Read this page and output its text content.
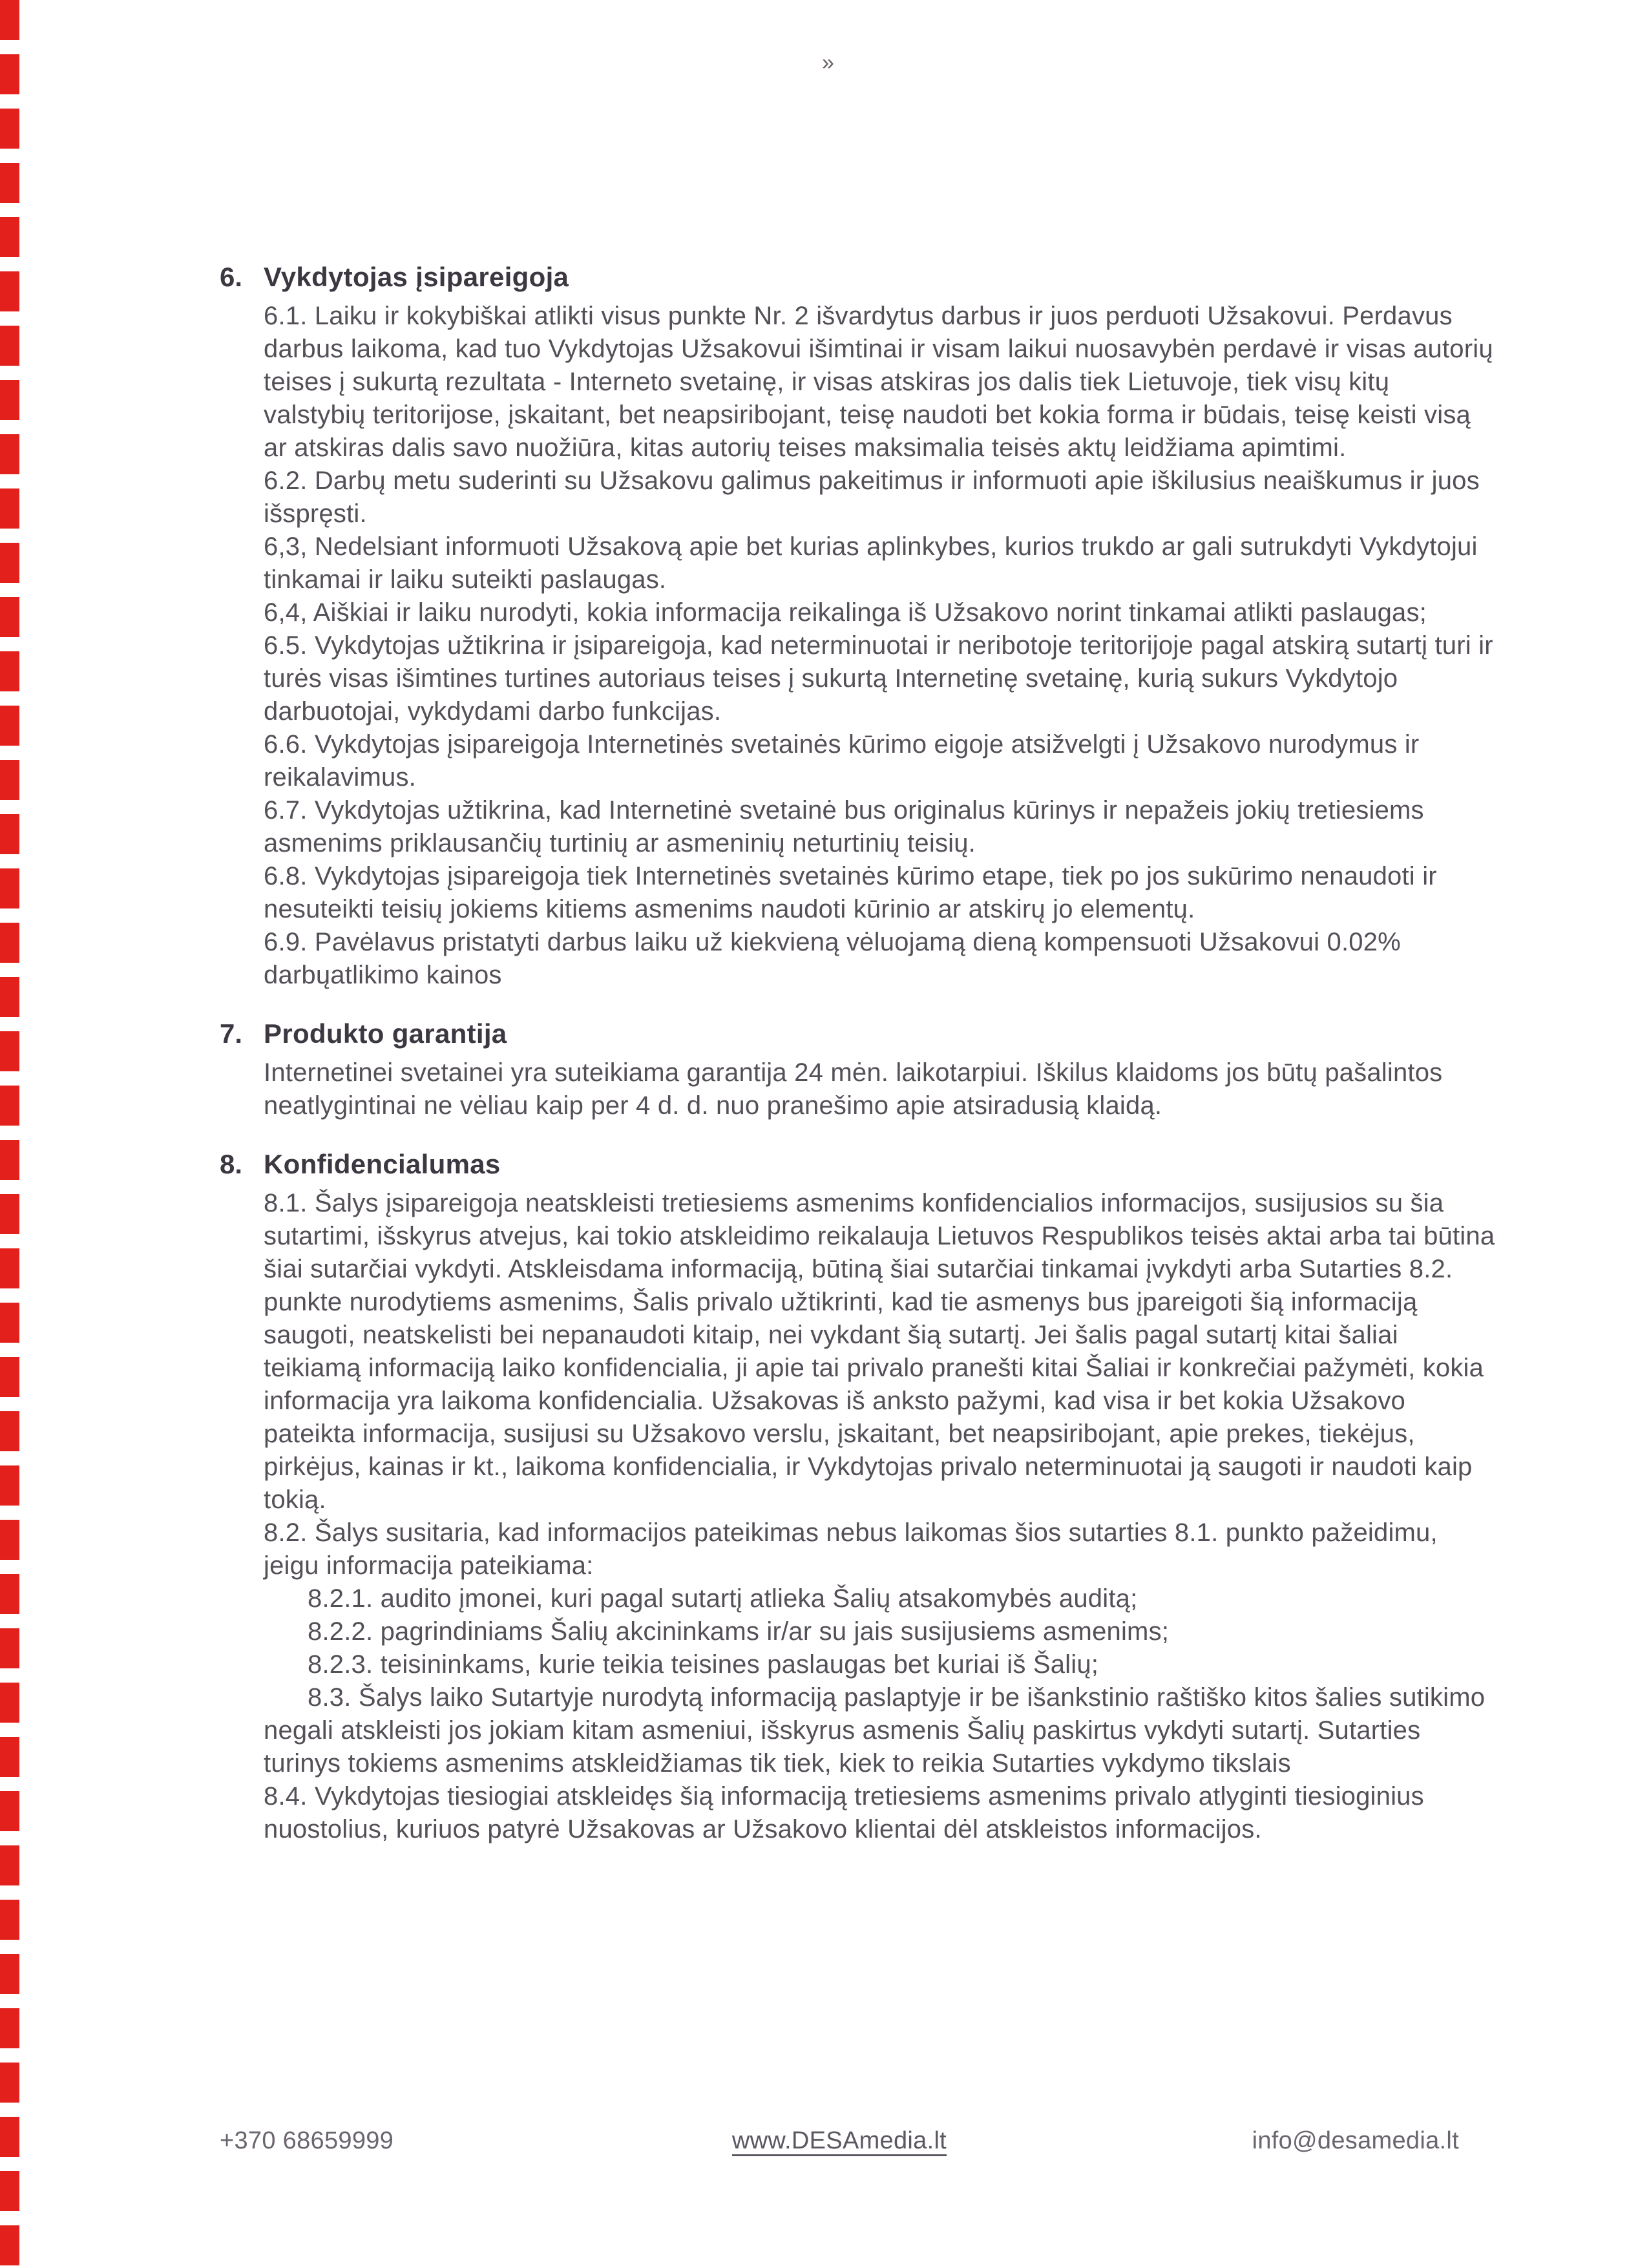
»
6. Vykdytojas įsipareigoja

6.1. Laiku ir kokybiškai atlikti visus punkte Nr. 2 išvardytus darbus ir juos perduoti Užsakovui. Perdavus darbus laikoma, kad tuo Vykdytojas Užsakovui išimtinai ir visam laikui nuosavybėn perdavė ir visas autorių teises į sukurtą rezultata - Interneto svetainę, ir visas atskiras jos dalis tiek Lietuvoje, tiek visų kitų valstybių teritorijose, įskaitant, bet neapsiribojant, teisę naudoti bet kokia forma ir būdais, teisę keisti visą ar atskiras dalis savo nuožiūra, kitas autorių teises maksimalia teisės aktų leidžiama apimtimi.

6.2. Darbų metu suderinti su Užsakovu galimus pakeitimus ir informuoti apie iškilusius neaiškumus ir juos išspręsti.

6,3, Nedelsiant informuoti Užsakovą apie bet kurias aplinkybes, kurios trukdo ar gali sutrukdyti Vykdytojui tinkamai ir laiku suteikti paslaugas.

6,4, Aiškiai ir laiku nurodyti, kokia informacija reikalinga iš Užsakovo norint tinkamai atlikti paslaugas;

6.5. Vykdytojas užtikrina ir įsipareigoja, kad neterminuotai ir neribotoje teritorijoje pagal atskirą sutartį turi ir turės visas išimtines turtines autoriaus teises į sukurtą Internetinę svetainę, kurią sukurs Vykdytojo darbuotojai, vykdydami darbo funkcijas.

6.6. Vykdytojas įsipareigoja Internetinės svetainės kūrimo eigoje atsižvelgti į Užsakovo nurodymus ir reikalavimus.

6.7. Vykdytojas užtikrina, kad Internetinė svetainė bus originalus kūrinys ir nepažeis jokių tretiesiems asmenims priklausančių turtinių ar asmeninių neturtinių teisių.

6.8. Vykdytojas įsipareigoja tiek Internetinės svetainės kūrimo etape, tiek po jos sukūrimo nenaudoti ir nesuteikti teisių jokiems kitiems asmenims naudoti kūrinio ar atskirų jo elementų.

6.9. Pavėlavus pristatyti darbus laiku už kiekvieną vėluojamą dieną kompensuoti Užsakovui 0.02% darbųatlikimo kainos

7. Produkto garantija

Internetinei svetainei yra suteikiama garantija 24 mėn. laikotarpiui. Iškilus klaidoms jos būtų pašalintos neatlygintinai ne vėliau kaip per 4 d. d. nuo pranešimo apie atsiradusią klaidą.

8. Konfidencialumas

8.1. Šalys įsipareigoja neatskleisti tretiesiems asmenims konfidencialios informacijos, susijusios su šia sutartimi, išskyrus atvejus, kai tokio atskleidimo reikalauja Lietuvos Respublikos teisės aktai arba tai būtina šiai sutarčiai vykdyti. Atskleisdama informaciją, būtiną šiai sutarčiai tinkamai įvykdyti arba Sutarties 8.2. punkte nurodytiems asmenims, Šalis privalo užtikrinti, kad tie asmenys bus įpareigoti šią informaciją saugoti, neatskelisti bei nepanaudoti kitaip, nei vykdant šią sutartį. Jei šalis pagal sutartį kitai šaliai teikiamą informaciją laiko konfidencialia, ji apie tai privalo pranešti kitai Šaliai ir konkrečiai pažymėti, kokia informacija yra laikoma konfidencialia. Užsakovas iš anksto pažymi, kad visa ir bet kokia Užsakovo pateikta informacija, susijusi su Užsakovo verslu, įskaitant, bet neapsiribojant, apie prekes, tiekėjus, pirkėjus, kainas ir kt., laikoma konfidencialia, ir Vykdytojas privalo neterminuotai ją saugoti ir naudoti kaip tokią.

8.2. Šalys susitaria, kad informacijos pateikimas nebus laikomas šios sutarties 8.1. punkto pažeidimu, jeigu informacija pateikiama:

8.2.1. audito įmonei, kuri pagal sutartį atlieka Šalių atsakomybės auditą;

8.2.2. pagrindiniams Šalių akcininkams ir/ar su jais susijusiems asmenims;

8.2.3. teisininkams, kurie teikia teisines paslaugas bet kuriai iš Šalių;

8.3. Šalys laiko Sutartyje nurodytą informaciją paslaptyje ir be išankstinio raštiško kitos šalies sutikimo negali atskleisti jos jokiam kitam asmeniui, išskyrus asmenis Šalių paskirtus vykdyti sutartį. Sutarties turinys tokiems asmenims atskleidžiamas tik tiek, kiek to reikia Sutarties vykdymo tikslais

8.4. Vykdytojas tiesiogiai atskleidęs šią informaciją tretiesiems asmenims privalo atlyginti tiesioginius nuostolius, kuriuos patyrė Užsakovas ar Užsakovo klientai dėl atskleistos informacijos.

+370 68659999	www.DESAmedia.lt	info@desamedia.lt
